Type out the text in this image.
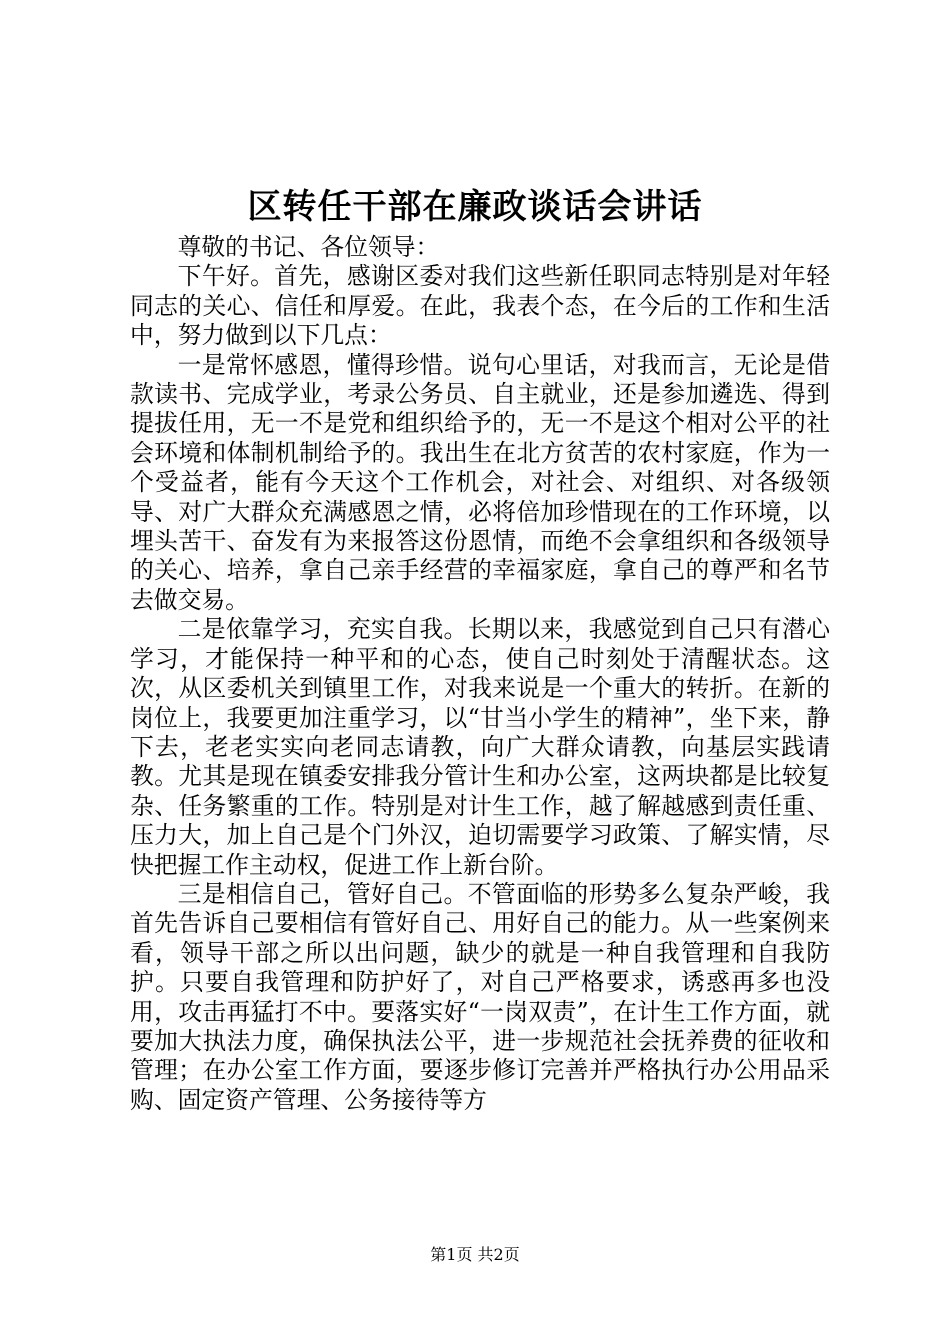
区转任干部在廉政谈话会讲话

尊敬的书记、各位领导：

下午好。首先，感谢区委对我们这些新任职同志特别是对年轻同志的关心、信任和厚爱。在此，我表个态，在今后的工作和生活中，努力做到以下几点：

一是常怀感恩，懂得珍惜。说句心里话，对我而言，无论是借款读书、完成学业，考录公务员、自主就业，还是参加遴选、得到提拔任用，无一不是党和组织给予的，无一不是这个相对公平的社会环境和体制机制给予的。我出生在北方贫苦的农村家庭，作为一个受益者，能有今天这个工作机会，对社会、对组织、对各级领导、对广大群众充满感恩之情，必将倍加珍惜现在的工作环境，以埋头苦干、奋发有为来报答这份恩情，而绝不会拿组织和各级领导的关心、培养，拿自己亲手经营的幸福家庭，拿自己的尊严和名节去做交易。

二是依靠学习，充实自我。长期以来，我感觉到自己只有潜心学习，才能保持一种平和的心态，使自己时刻处于清醒状态。这次，从区委机关到镇里工作，对我来说是一个重大的转折。在新的岗位上，我要更加注重学习，以“甘当小学生的精神”，坐下来，静下去，老老实实向老同志请教，向广大群众请教，向基层实践请教。尤其是现在镇委安排我分管计生和办公室，这两块都是比较复杂、任务繁重的工作。特别是对计生工作，越了解越感到责任重、压力大，加上自己是个门外汉，迫切需要学习政策、了解实情，尽快把握工作主动权，促进工作上新台阶。

三是相信自己，管好自己。不管面临的形势多么复杂严峻，我首先告诉自己要相信有管好自己、用好自己的能力。从一些案例来看，领导干部之所以出问题，缺少的就是一种自我管理和自我防护。只要自我管理和防护好了，对自己严格要求，诱惑再多也没用，攻击再猛打不中。要落实好“一岗双责”，在计生工作方面，就要加大执法力度，确保执法公平，进一步规范社会抚养费的征收和管理；在办公室工作方面，要逐步修订完善并严格执行办公用品采购、固定资产管理、公务接待等方

第1页 共2页
